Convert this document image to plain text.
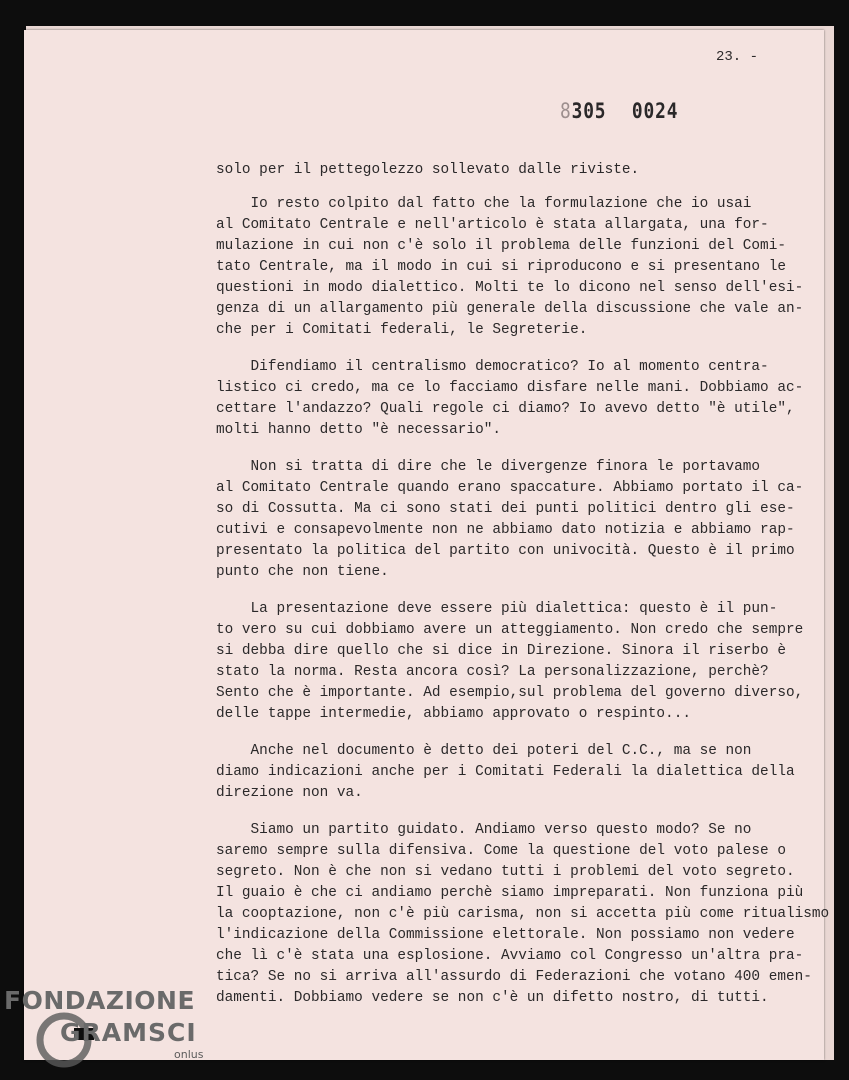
23. -
8305 0024
solo per il pettegolezzo sollevato dalle riviste.
Io resto colpito dal fatto che la formulazione che io usai
al Comitato Centrale e nell'articolo è stata allargata, una for-
mulazione in cui non c'è solo il problema delle funzioni del Comi-
tato Centrale, ma il modo in cui si riproducono e si presentano le
questioni in modo dialettico. Molti te lo dicono nel senso dell'esi-
genza di un allargamento più generale della discussione che vale an-
che per i Comitati federali, le Segreterie.
Difendiamo il centralismo democratico? Io al momento centra-
listico ci credo, ma ce lo facciamo disfare nelle mani. Dobbiamo ac-
cettare l'andazzo? Quali regole ci diamo? Io avevo detto "è utile",
molti hanno detto "è necessario".
Non si tratta di dire che le divergenze finora le portavamo
al Comitato Centrale quando erano spaccature. Abbiamo portato il ca-
so di Cossutta. Ma ci sono stati dei punti politici dentro gli ese-
cutivi e consapevolmente non ne abbiamo dato notizia e abbiamo rap-
presentato la politica del partito con univocità. Questo è il primo
punto che non tiene.
La presentazione deve essere più dialettica: questo è il pun-
to vero su cui dobbiamo avere un atteggiamento. Non credo che sempre
si debba dire quello che si dice in Direzione. Sinora il riserbo è
stato la norma. Resta ancora così? La personalizzazione, perchè?
Sento che è importante. Ad esempio,sul problema del governo diverso,
delle tappe intermedie, abbiamo approvato o respinto...
Anche nel documento è detto dei poteri del C.C., ma se non
diamo indicazioni anche per i Comitati Federali la dialettica della
direzione non va.
Siamo un partito guidato. Andiamo verso questo modo? Se no
saremo sempre sulla difensiva. Come la questione del voto palese o
segreto. Non è che non si vedano tutti i problemi del voto segreto.
Il guaio è che ci andiamo perchè siamo impreparati. Non funziona più
la cooptazione, non c'è più carisma, non si accetta più come ritualismo
l'indicazione della Commissione elettorale. Non possiamo non vedere
che lì c'è stata una esplosione. Avviamo col Congresso un'altra pra-
tica? Se no si arriva all'assurdo di Federazioni che votano 400 emen-
damenti. Dobbiamo vedere se non c'è un difetto nostro, di tutti.
FONDAZIONE
GRAMSCI
onlus
